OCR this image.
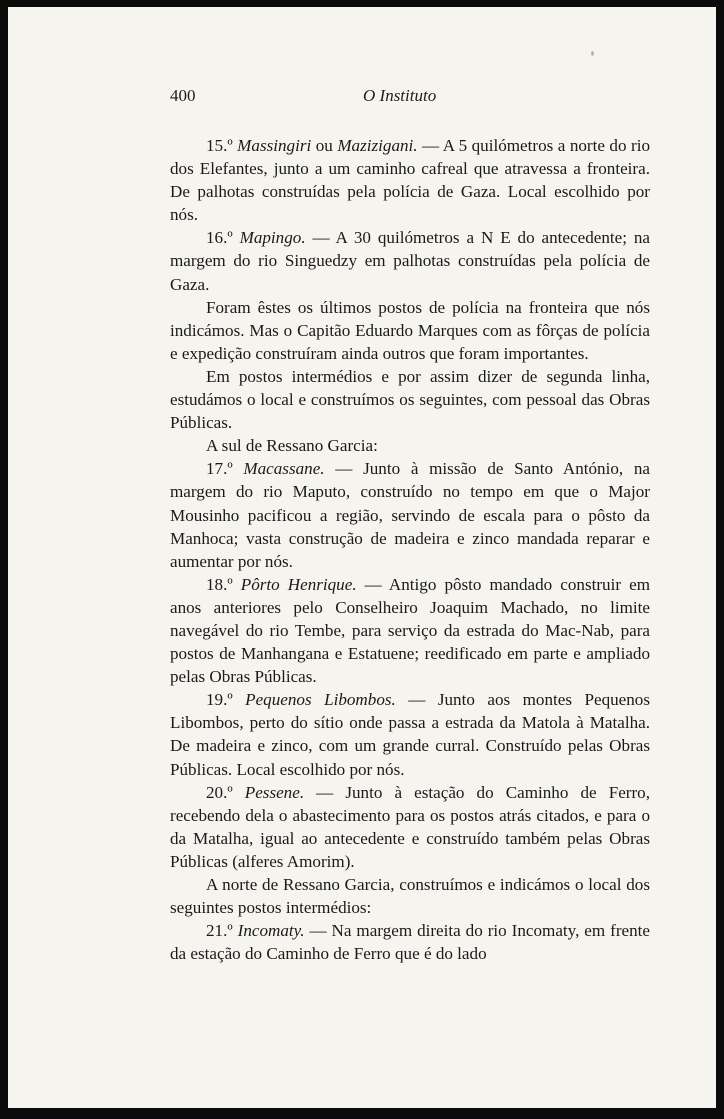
400	O Instituto

15.º Massingiri ou Mazizigani. — A 5 quilómetros a norte do rio dos Elefantes, junto a um caminho cafreal que atravessa a fronteira. De palhotas construídas pela polícia de Gaza. Local escolhido por nós.

16.º Mapingo. — A 30 quilómetros a N E do antecedente; na margem do rio Singuedzy em palhotas construídas pela polícia de Gaza.

Foram êstes os últimos postos de polícia na fronteira que nós indicámos. Mas o Capitão Eduardo Marques com as fôrças de polícia e expedição construíram ainda outros que foram importantes.

Em postos intermédios e por assim dizer de segunda linha, estudámos o local e construímos os seguintes, com pessoal das Obras Públicas.

A sul de Ressano Garcia:

17.º Macassane. — Junto à missão de Santo António, na margem do rio Maputo, construído no tempo em que o Major Mousinho pacificou a região, servindo de escala para o pôsto da Manhoca; vasta construção de madeira e zinco mandada reparar e aumentar por nós.

18.º Pôrto Henrique. — Antigo pôsto mandado construir em anos anteriores pelo Conselheiro Joaquim Machado, no limite navegável do rio Tembe, para serviço da estrada do Mac-Nab, para postos de Manhangana e Estatuene; reedificado em parte e ampliado pelas Obras Públicas.

19.º Pequenos Libombos. — Junto aos montes Pequenos Libombos, perto do sítio onde passa a estrada da Matola à Matalha. De madeira e zinco, com um grande curral. Construído pelas Obras Públicas. Local escolhido por nós.

20.º Pessene. — Junto à estação do Caminho de Ferro, recebendo dela o abastecimento para os postos atrás citados, e para o da Matalha, igual ao antecedente e construído também pelas Obras Públicas (alferes Amorim).

A norte de Ressano Garcia, construímos e indicámos o local dos seguintes postos intermédios:

21.º Incomaty. — Na margem direita do rio Incomaty, em frente da estação do Caminho de Ferro que é do lado
